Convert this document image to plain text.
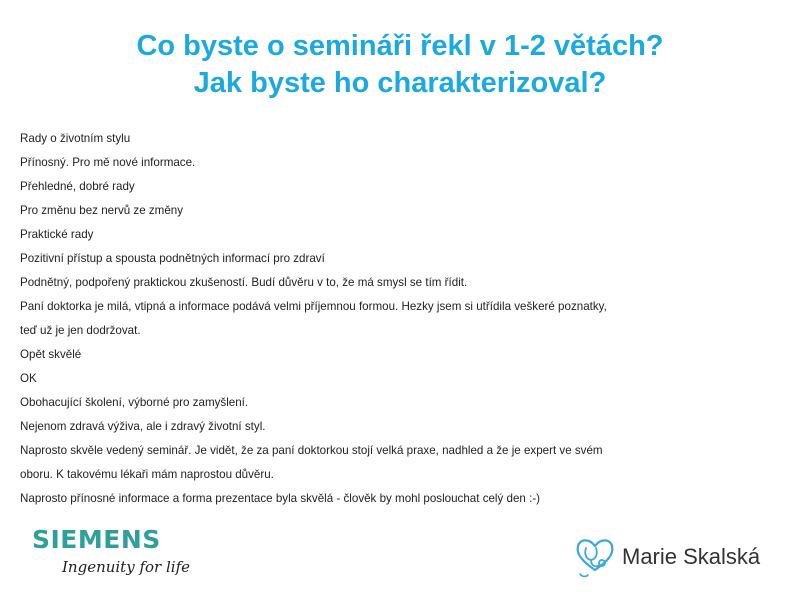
Co byste o semináři řekl v 1-2 větách?
Jak byste ho charakterizoval?
Rady o životním stylu
Přínosný. Pro mě nové informace.
Přehledné, dobré rady
Pro změnu bez nervů ze změny
Praktické rady
Pozitivní přístup a spousta podnětných informací pro zdraví
Podnětný, podpořený praktickou zkušeností. Budí důvěru v to, že má smysl se tím řídit.
Paní doktorka je milá, vtipná a informace podává velmi příjemnou formou. Hezky jsem si utřídila veškeré poznatky,
teď už je jen dodržovat.
Opět skvělé
OK
Obohacující školení, výborné pro zamyšlení.
Nejenom zdravá výživa, ale i zdravý životní styl.
Naprosto skvěle vedený seminář. Je vidět, že za paní doktorkou stojí velká praxe, nadhled a že je expert ve svém
oboru. K takovému lékaři mám naprostou důvěru.
Naprosto přínosné informace a forma prezentace byla skvělá - člověk by mohl poslouchat celý den :-)
SIEMENS
Ingenuity for life	Marie Skalská
